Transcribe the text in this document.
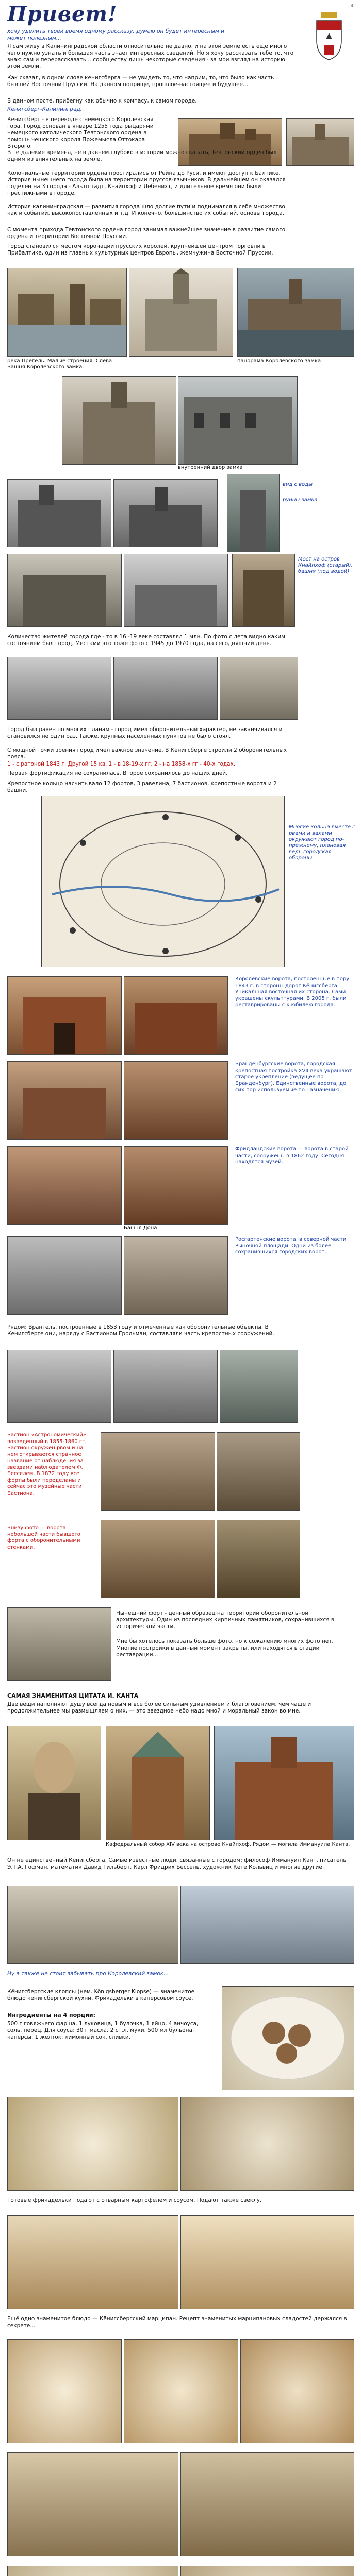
4
Привет!
хочу уделить твоей время одному рассказу, думаю он будет интересным и может полезным...
Я сам живу в Калининградской области относительно не давно, и на этой земле есть еще много чего нужно узнать и большая часть знает интересных сведений. Но я хочу рассказать тебе то, что знаю сам и перерассказать... сообществу лишь некоторые сведения - за мои взгляд на историю этой земли.
Как сказал, в одном слове кенигсберга — не увидеть то, что наприм, то, что было как часть бывшей Восточной Пруссии. На данном поприще, прошлое-настоящее и будущее...
В данном посте, прибегну как обычно к компасу, к самом городе.
Кёнигсберг-Калининград.
Кёнигсберг - в переводе с немецкого Королевская гора. Город основан в январе 1255 года рыцарями немецкого католического Тевтонского ордена в помощь чешского короля Пржемысла Оттокара Второго.
В те далекие времена, не в давнем глубоко в истории можно сказать, Тевтонский орден был одним из влиятельных на земле.
Колониальные территории ордена простирались от Рейна до Руси, и имеют доступ к Балтике. История нынешнего города была на территории пруссов-язычников. В дальнейшем он оказался поделен на 3 города - Альтштадт, Кнайпхоф и Лёбенихт, и длительное время они были престижными в городе.
История калининградская — развития города шло долгие пути и поднимался в себе множество как и событий, высокопоставленных и т.д. И конечно, большинство их событий, основы города.
С момента прихода Тевтонского ордена город занимал важнейшее значение в развитие самого ордена и территории Восточной Пруссии.
Город становился местом коронации прусских королей, крупнейшей центром торговли в Прибалтике, один из главных культурных центров Европы, жемчужина Восточной Пруссии.
река Прегель. Малые строения. Слева Башня Королевского замка.
панорама Королевского замка
внутренний двор замка
вид с воды
руины замка
Мост на остров Кнайпхоф (старый), башня (под водой)
Количество жителей города где - то в 16 -19 веке составлял 1 млн. По фото с лета видно каким состоянием был город. Местами это тоже фото с 1945 до 1970 года, на сегодняшний день.
Город был равен по многих планам - город имел оборонительный характер, не заканчивался и становился не один раз. Также, крупных населенных пунктов не было стоял.
С мощной точки зрения город имел важное значение. В Кёнигсберге строили 2 оборонительных пояса.
1 - с ратоной 1843 г. Другой 15 кв, 1 - в 18-19-х гг, 2 - на 1858-х гг - 40-х годах.
Первая фортификация не сохранилась. Второе сохранилось до наших дней.
Крепостное кольцо насчитывало 12 фортов, 3 равелина, 7 бастионов, крепостные ворота и 2 башни.
Многие кольца вместе с рвами и валами окружают город по-прежнему, плановая ведь городская обороны.
Королевские ворота, построенные в пору 1843 г. в стороны дорог Кёнигсберга. Уникальная восточная их сторона. Сами украшены скульптурами. В 2005 г. были реставрированы с к юбилею города.
Бранденбургские ворота, городская крепостная постройка XVII века украшают старое укрепление (ведущее по Бранденбург). Единственные ворота, до сих пор используемые по назначению.
Фридландские ворота — ворота в старой части, сооружены в 1862 году. Сегодня находятся музей.
Башня Дона
Росгартенские ворота, в северной части Рыночной площади. Одни из более сохранившихся городских ворот...
Рядом: Врангель, построенные в 1853 году и отмеченные как оборонительные объекты. В Кенигсберге они, наряду с Бастионом Грольман, составляли часть крепостных сооружений.
Бастион «Астрономический» возведённый в 1855-1860 гг. Бастион окружен рвом и на нем открывается странное название от наблюдения за звездами наблюдателем Ф. Бесселем. В 1872 году все форты были переделаны и сейчас это музейные части Бастиона.
Внизу фото — ворота небольшой части бывшего форта с оборонительными стенками.
Нынешний форт - ценный образец на территории оборонительной архитектуры. Один из последних кирпичных памятников, сохранившихся в исторической части.
Мне бы хотелось показать больше фото, но к сожалению многих фото нет. Многие постройки в данный момент закрыты, или находятся в стадии реставрации...
САМАЯ ЗНАМЕНИТАЯ ЦИТАТА И. КАНТА
Две вещи наполняют душу всегда новым и все более сильным удивлением и благоговением, чем чаще и продолжительнее мы размышляем о них, — это звездное небо надо мной и моральный закон во мне.
Кафедральный собор XIV века на острове Кнайпхоф. Рядом — могила Иммануила Канта.
Он не единственный Кенигсберга. Самые известные люди, связанные с городом: философ Иммануил Кант, писатель Э.Т.А. Гофман, математик Давид Гильберт, Карл Фридрих Бессель, художник Кете Кольвиц и многие другие.
Ну а также не стоит забывать про Королевский замок...
Кёнигсбергские клопсы (нем. Königsberger Klopse) — знаменитое блюдо кёнигсбергской кухни. Фрикадельки в каперсовом соусе.
Ингредиенты на 4 порции:
500 г говяжьего фарша, 1 луковица, 1 булочка, 1 яйцо, 4 анчоуса, соль, перец. Для соуса: 30 г масла, 2 ст.л. муки, 500 мл бульона, каперсы, 1 желток, лимонный сок, сливки.
Готовые фрикадельки подают с отварным картофелем и соусом. Подают также свеклу.
Ещё одно знаменитое блюдо — Кёнигсбергский марципан. Рецепт знаменитых марципановых сладостей держался в секрете...
